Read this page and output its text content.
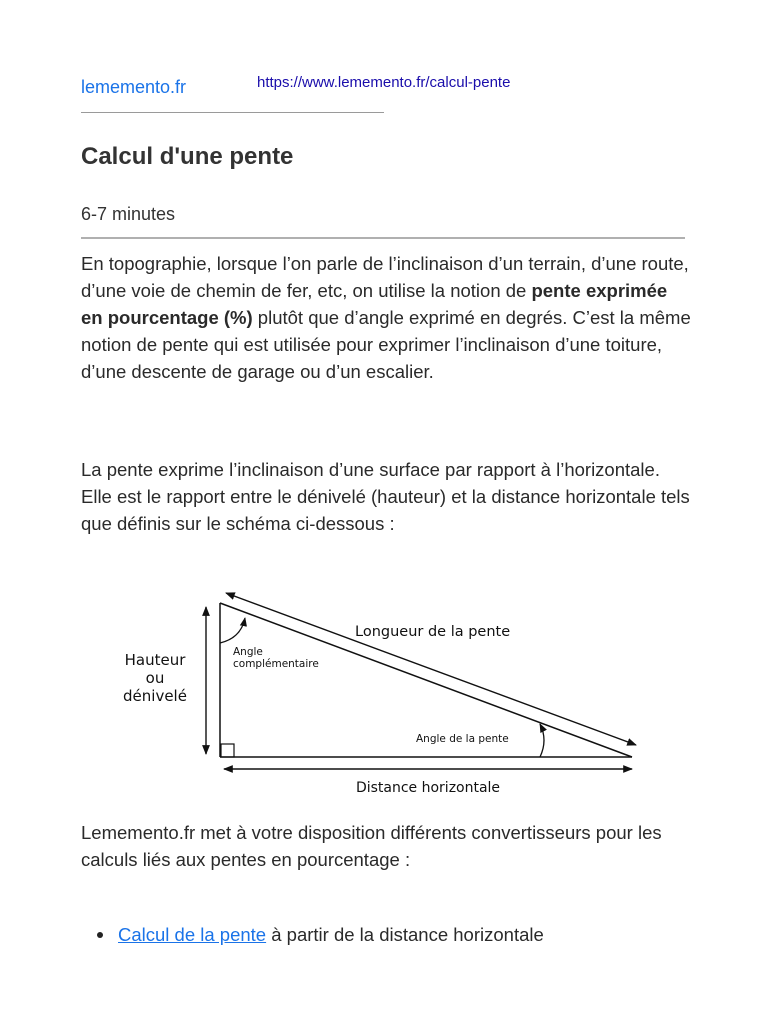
lememento.fr	https://www.lememento.fr/calcul-pente
Calcul d'une pente
6-7 minutes

En topographie, lorsque l’on parle de l’inclinaison d’un terrain, d’une route, d’une voie de chemin de fer, etc, on utilise la notion de pente exprimée en pourcentage (%) plutôt que d’angle exprimé en degrés. C’est la même notion de pente qui est utilisée pour exprimer l’inclinaison d’une toiture, d’une descente de garage ou d’un escalier.

La pente exprime l’inclinaison d’une surface par rapport à l’horizontale. Elle est le rapport entre le dénivelé (hauteur) et la distance horizontale tels que définis sur le schéma ci-dessous :

Hauteur
ou
dénivelé
Longueur de la pente
Angle
complémentaire
Angle de la pente
Distance horizontale

Lememento.fr met à votre disposition différents convertisseurs pour les calculs liés aux pentes en pourcentage :

Calcul de la pente à partir de la distance horizontale
